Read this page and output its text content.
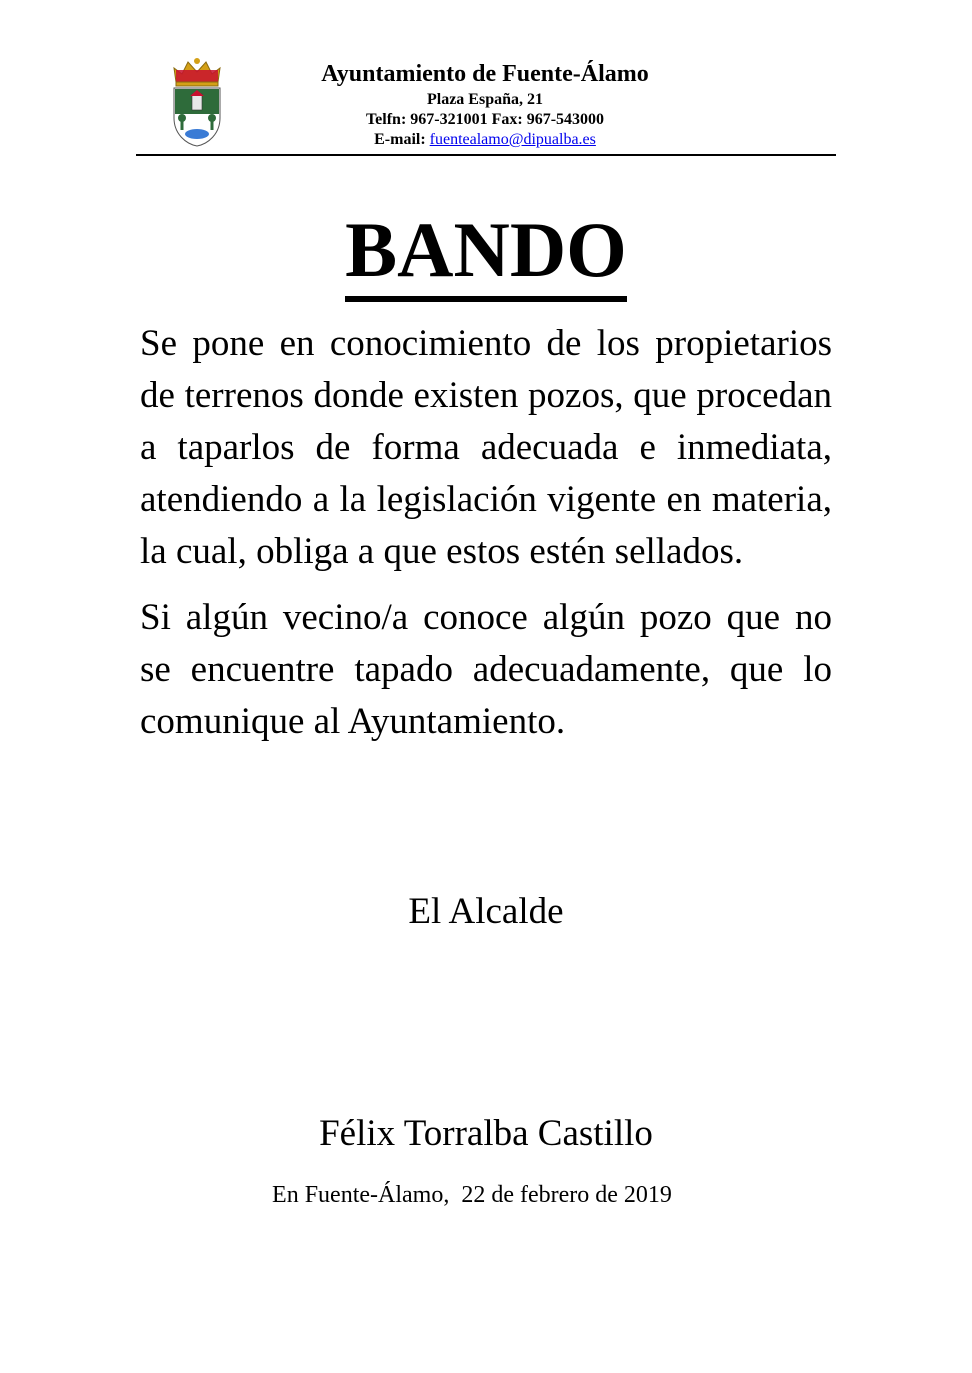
Ayuntamiento de Fuente-Álamo
Plaza España, 21
Telfn: 967-321001 Fax: 967-543000
E-mail: fuentealamo@dipualba.es
BANDO

Se pone en conocimiento de los propietarios de terrenos donde existen pozos, que procedan a taparlos de forma adecuada e inmediata, atendiendo a la legislación vigente en materia, la cual, obliga a que estos estén sellados.

Si algún vecino/a conoce algún pozo que no se encuentre tapado adecuadamente, que lo comunique al Ayuntamiento.

El Alcalde
Félix Torralba Castillo
En Fuente-Álamo,  22 de febrero de 2019
